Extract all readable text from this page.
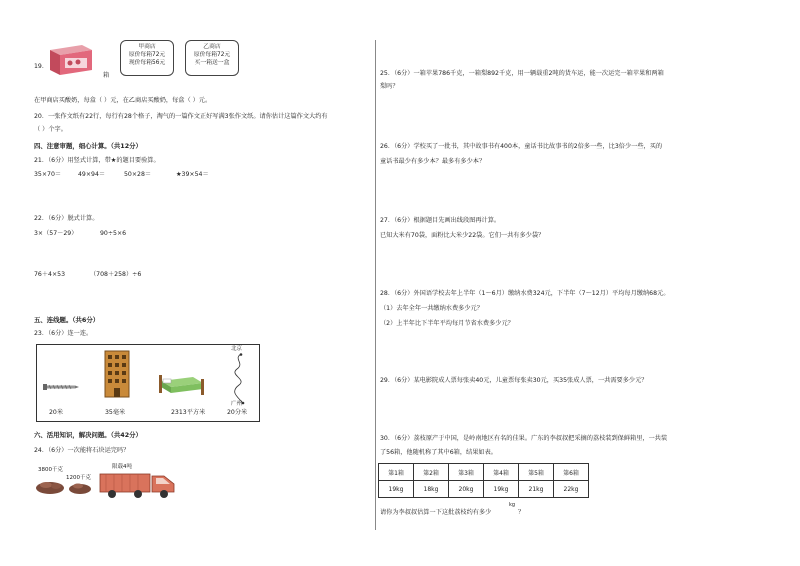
19.
箱
甲商店
原价每箱72元
现价每箱56元
乙商店
原价每箱72元
买一箱送一盒
在甲商店买酸奶，每盒（ ）元，在乙商店买酸奶，每盒（ ）元。
20．一张作文纸有22行，每行有28个格子，淘气的一篇作文正好写满3张作文纸。请你估计这篇作文大约有
（ ）个字。
四、注意审题，细心计算。（共12分）
21．（6分）用竖式计算，带★的题目要验算。
35×70＝	49×94＝	50×28＝	★39×54＝
22．（6分）脱式计算。
3×（57－29）	90÷5×6
76＋4×53	（708＋258）÷6
五、连线题。（共6分）
23．（6分）连一连。
北京
广州
20米	35毫米	2313平方米	20分米
六、活用知识，解决问题。（共42分）
24．（6分）一次能将石块运完吗？
3800千克
1200千克
限载4吨
25．（6分）一箱苹果786千克，一箱梨892千克，用一辆载重2吨的货车运，能一次运完一箱苹果和两箱
梨吗？
26．（6分）学校买了一批书，其中故事书有400本，童话书比故事书的2倍多一些，比3倍少一些，买的
童话书最少有多少本？最多有多少本？
27．（6分）根据题目先画出线段图再计算。
已知大米有70袋，面粉比大米少22袋。它们一共有多少袋？
28．（6分）外国语学校去年上半年（1～6月）缴纳水费324元，下半年（7～12月）平均每月缴纳68元。
（1）去年全年一共缴纳水费多少元？
（2）上半年比下半年平均每月节省水费多少元？
29．（6分）某电影院成人票每张卖40元，儿童票每张卖30元，买35张成人票，一共需要多少元？
30．（6分）荔枝原产于中国，是岭南地区有名的佳果。广东的李叔叔把采摘的荔枝装到保鲜箱里，一共装
了56箱，他随机称了其中6箱，结果如表。
第1箱	第2箱	第3箱	第4箱	第5箱	第6箱
19kg	18kg	20kg	19kg	21kg	22kg
请你为李叔叔估算一下这批荔枝约有多少
kg
？
